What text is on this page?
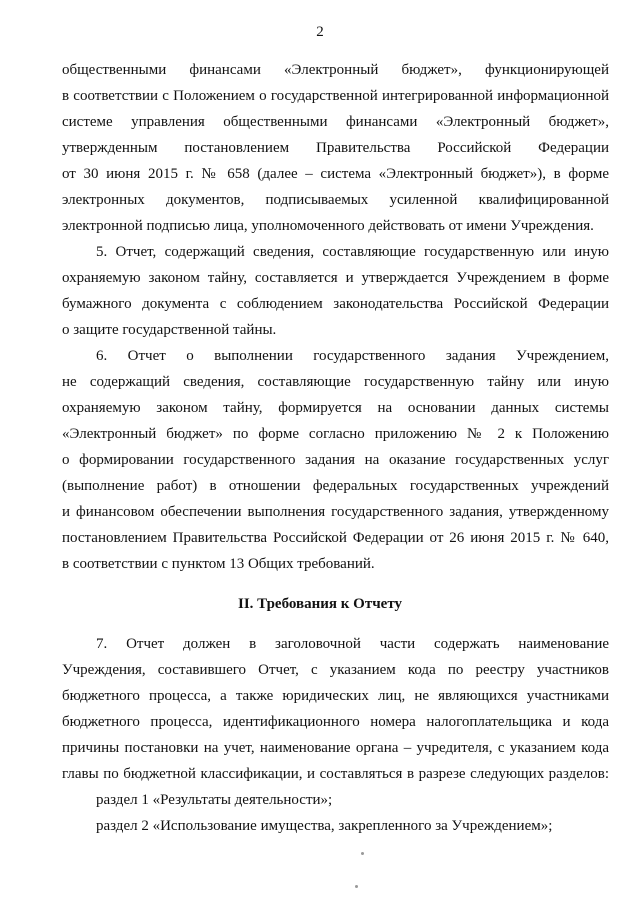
2
общественными финансами «Электронный бюджет», функционирующей
в соответствии с Положением о государственной интегрированной информационной
системе управления общественными финансами «Электронный бюджет»,
утвержденным постановлением Правительства Российской Федерации
от 30 июня 2015 г. № 658 (далее – система «Электронный бюджет»), в форме
электронных документов, подписываемых усиленной квалифицированной
электронной подписью лица, уполномоченного действовать от имени Учреждения.
5. Отчет, содержащий сведения, составляющие государственную или иную
охраняемую законом тайну, составляется и утверждается Учреждением в форме
бумажного документа с соблюдением законодательства Российской Федерации
о защите государственной тайны.
6. Отчет о выполнении государственного задания Учреждением,
не содержащий сведения, составляющие государственную тайну или иную
охраняемую законом тайну, формируется на основании данных системы
«Электронный бюджет» по форме согласно приложению № 2 к Положению
о формировании государственного задания на оказание государственных услуг
(выполнение работ) в отношении федеральных государственных учреждений
и финансовом обеспечении выполнения государственного задания, утвержденному
постановлением Правительства Российской Федерации от 26 июня 2015 г. № 640,
в соответствии с пунктом 13 Общих требований.
II. Требования к Отчету
7. Отчет должен в заголовочной части содержать наименование
Учреждения, составившего Отчет, с указанием кода по реестру участников
бюджетного процесса, а также юридических лиц, не являющихся участниками
бюджетного процесса, идентификационного номера налогоплательщика и кода
причины постановки на учет, наименование органа – учредителя, с указанием кода
главы по бюджетной классификации, и составляться в разрезе следующих разделов:
раздел 1 «Результаты деятельности»;
раздел 2 «Использование имущества, закрепленного за Учреждением»;
